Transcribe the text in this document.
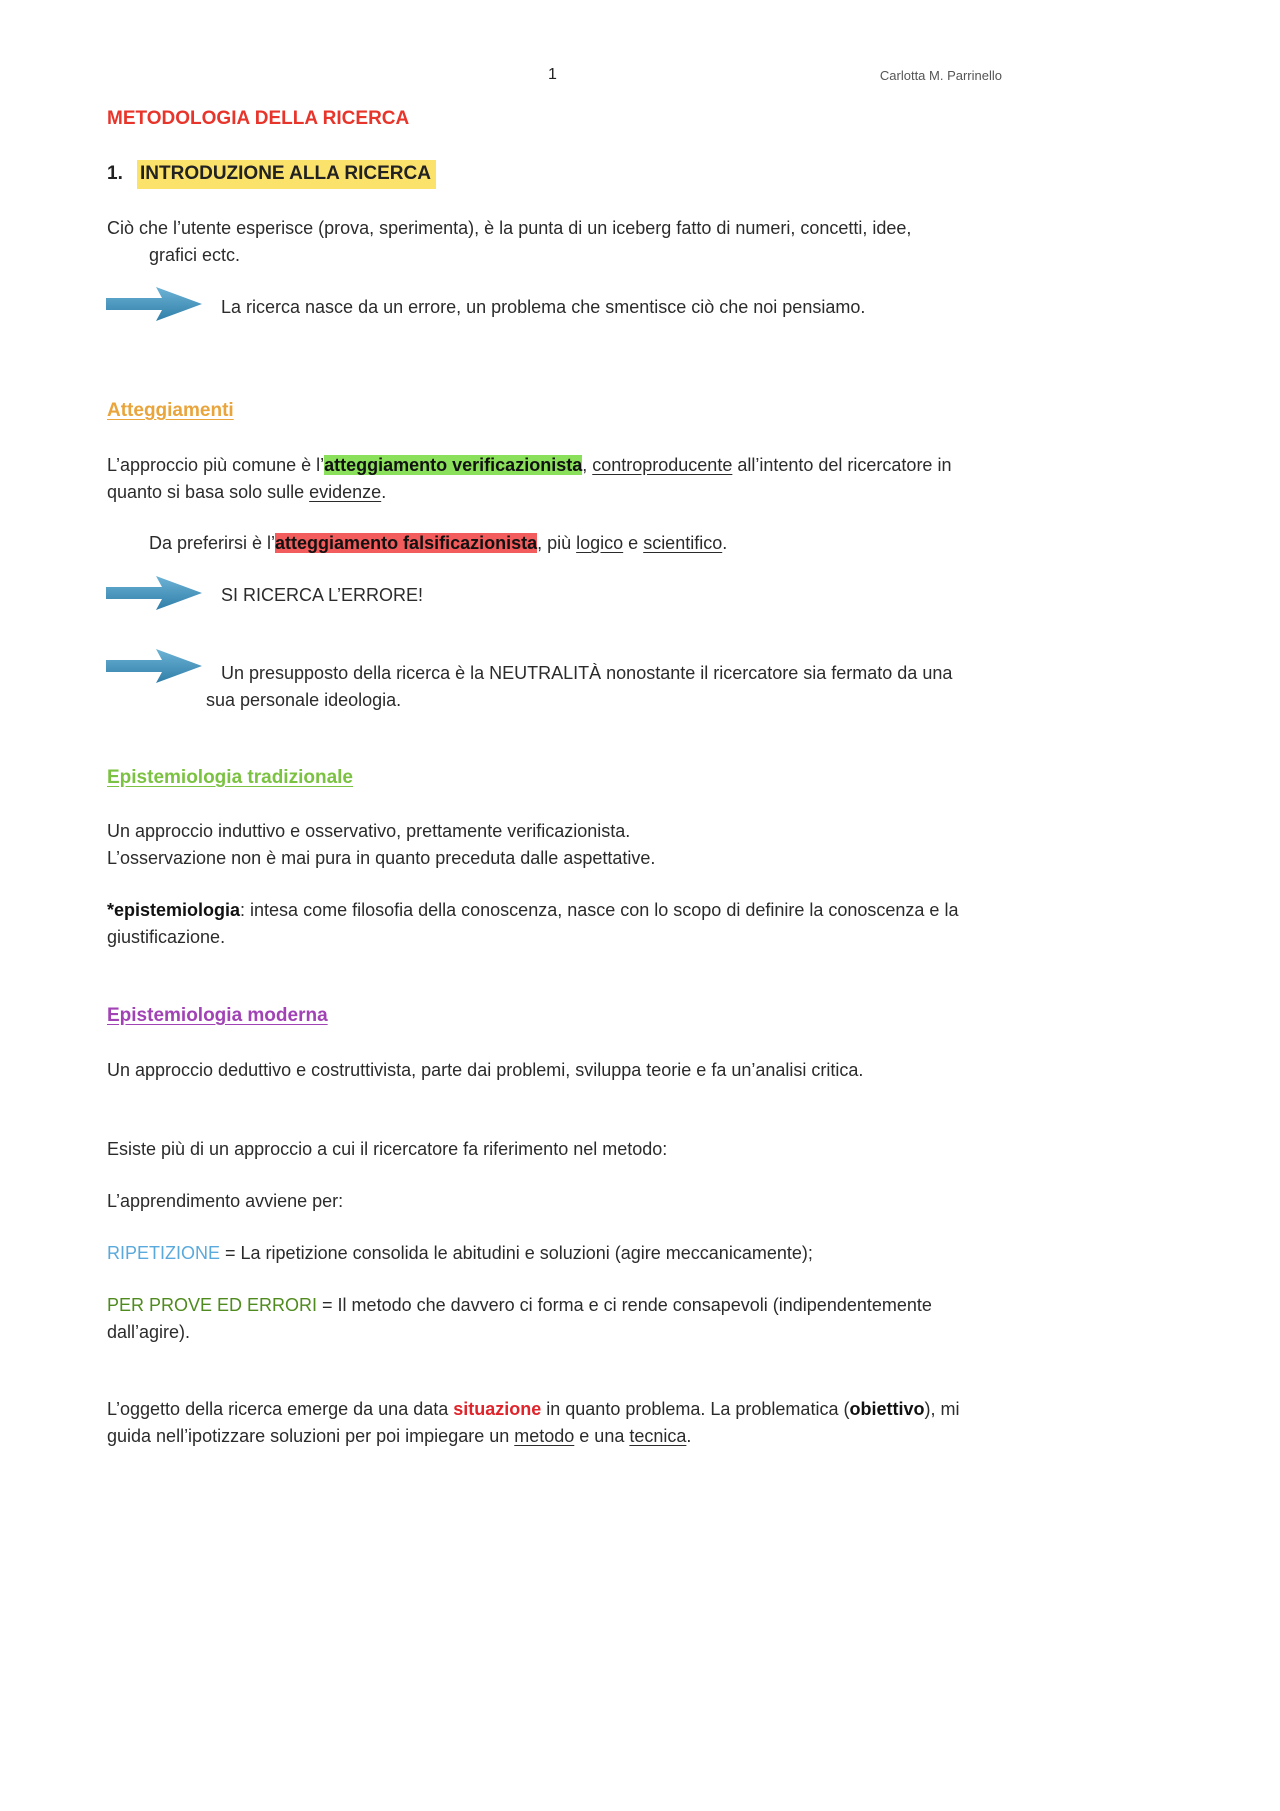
1	Carlotta M. Parrinello
METODOLOGIA DELLA RICERCA
1. INTRODUZIONE ALLA RICERCA
Ciò che l’utente esperisce (prova, sperimenta), è la punta di un iceberg fatto di numeri, concetti, idee,
grafici ectc.
La ricerca nasce da un errore, un problema che smentisce ciò che noi pensiamo.
Atteggiamenti
L’approccio più comune è l’atteggiamento verificazionista, controproducente all’intento del ricercatore in
quanto si basa solo sulle evidenze.
Da preferirsi è l’atteggiamento falsificazionista, più logico e scientifico.
SI RICERCA L’ERRORE!
Un presupposto della ricerca è la NEUTRALITÀ nonostante il ricercatore sia fermato da una
sua personale ideologia.
Epistemiologia tradizionale
Un approccio induttivo e osservativo, prettamente verificazionista.
L’osservazione non è mai pura in quanto preceduta dalle aspettative.
*epistemiologia: intesa come filosofia della conoscenza, nasce con lo scopo di definire la conoscenza e la
giustificazione.
Epistemiologia moderna
Un approccio deduttivo e costruttivista, parte dai problemi, sviluppa teorie e fa un’analisi critica.
Esiste più di un approccio a cui il ricercatore fa riferimento nel metodo:
L’apprendimento avviene per:
RIPETIZIONE = La ripetizione consolida le abitudini e soluzioni (agire meccanicamente);
PER PROVE ED ERRORI = Il metodo che davvero ci forma e ci rende consapevoli (indipendentemente
dall’agire).
L’oggetto della ricerca emerge da una data situazione in quanto problema. La problematica (obiettivo), mi
guida nell’ipotizzare soluzioni per poi impiegare un metodo e una tecnica.
